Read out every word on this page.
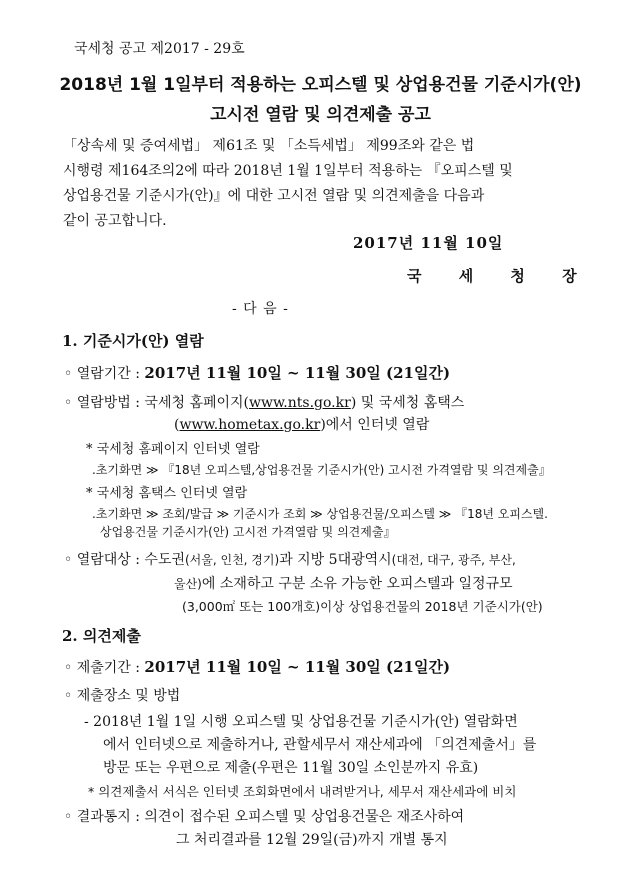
국세청 공고 제2017 - 29호
2018년 1월 1일부터 적용하는 오피스텔 및 상업용건물 기준시가(안)
고시전 열람 및 의견제출 공고
「상속세 및 증여세법」 제61조 및 「소득세법」 제99조와 같은 법
시행령 제164조의2에 따라 2018년 1월 1일부터 적용하는 『오피스텔 및
상업용건물 기준시가(안)』에 대한 고시전 열람 및 의견제출을 다음과
같이 공고합니다.
2017년 11월 10일
국 세 청 장
- 다 음 -
1. 기준시가(안) 열람
◦ 열람기간 : 2017년 11월 10일 ~ 11월 30일 (21일간)
◦ 열람방법 : 국세청 홈페이지(www.nts.go.kr) 및 국세청 홈택스
(www.hometax.go.kr)에서 인터넷 열람
* 국세청 홈페이지 인터넷 열람
.초기화면 ≫ 『18년 오피스텔,상업용건물 기준시가(안) 고시전 가격열람 및 의견제출』
* 국세청 홈택스 인터넷 열람
.초기화면 ≫ 조회/발급 ≫ 기준시가 조회 ≫ 상업용건물/오피스텔 ≫ 『18년 오피스텔.
상업용건물 기준시가(안) 고시전 가격열람 및 의견제출』
◦ 열람대상 : 수도권(서울, 인천, 경기)과 지방 5대광역시(대전, 대구, 광주, 부산,
울산)에 소재하고 구분 소유 가능한 오피스텔과 일정규모
(3,000㎡ 또는 100개호)이상 상업용건물의 2018년 기준시가(안)
2. 의견제출
◦ 제출기간 : 2017년 11월 10일 ~ 11월 30일 (21일간)
◦ 제출장소 및 방법
- 2018년 1월 1일 시행 오피스텔 및 상업용건물 기준시가(안) 열람화면
에서 인터넷으로 제출하거나, 관할세무서 재산세과에 「의견제출서」를
방문 또는 우편으로 제출(우편은 11월 30일 소인분까지 유효)
* 의견제출서 서식은 인터넷 조회화면에서 내려받거나, 세무서 재산세과에 비치
◦ 결과통지 : 의견이 접수된 오피스텔 및 상업용건물은 재조사하여
그 처리결과를 12월 29일(금)까지 개별 통지
